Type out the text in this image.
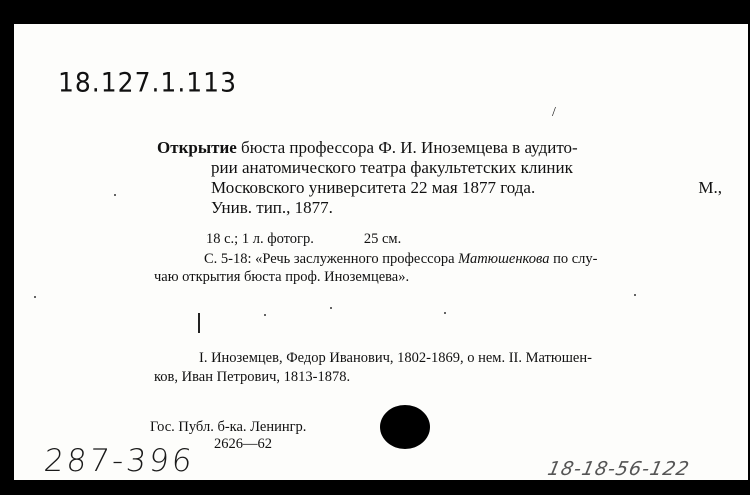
18.127.1.113
/
Открытие бюста профессора Ф. И. Иноземцева в аудито-
рии анатомического театра факультетских клиник
Московского университета 22 мая 1877 года.	М.,
Унив. тип., 1877.
18 с.; 1 л. фотогр.	25 см.
С. 5-18: «Речь заслуженного профессора Матюшенкова по слу-
чаю открытия бюста проф. Иноземцева».
I. Иноземцев, Федор Иванович, 1802-1869, о нем. II. Матюшен-
ков, Иван Петрович, 1813-1878.
Гос. Публ. б-ка. Ленингр.
2626—62
287-396	18-18-56-122
